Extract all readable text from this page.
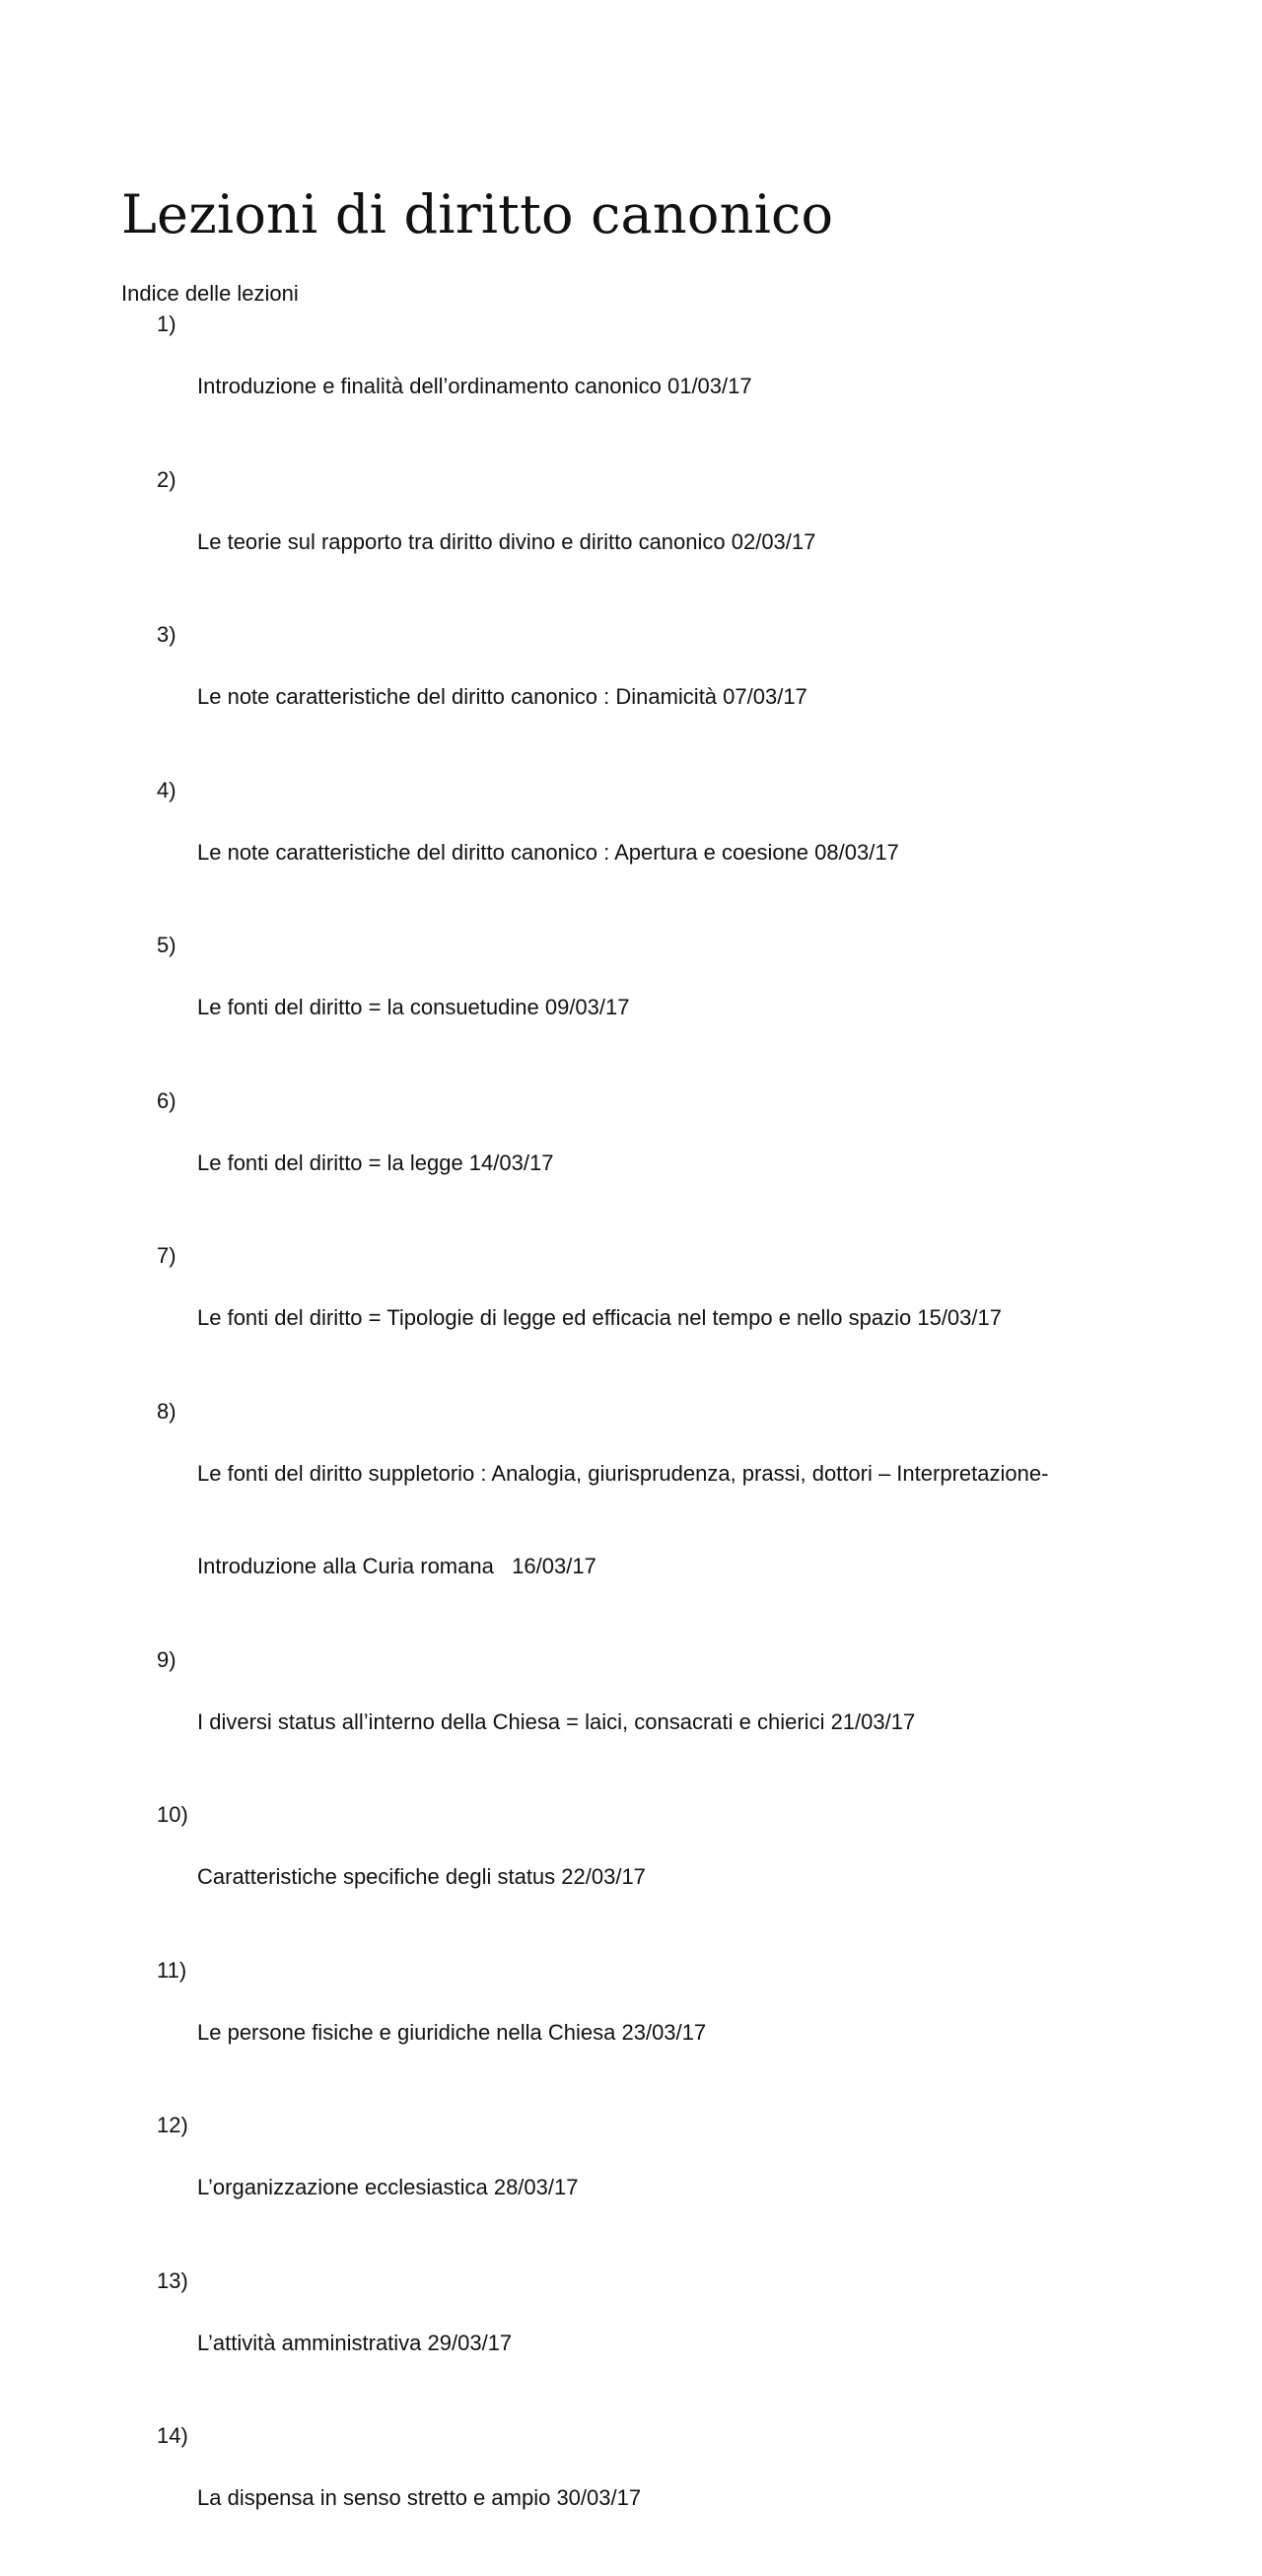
Lezioni di diritto canonico
Indice delle lezioni
1)

Introduzione e finalità dell’ordinamento canonico 01/03/17

2)

Le teorie sul rapporto tra diritto divino e diritto canonico 02/03/17

3)

Le note caratteristiche del diritto canonico : Dinamicità 07/03/17

4)

Le note caratteristiche del diritto canonico : Apertura e coesione 08/03/17

5)

Le fonti del diritto = la consuetudine 09/03/17

6)

Le fonti del diritto = la legge 14/03/17

7)

Le fonti del diritto = Tipologie di legge ed efficacia nel tempo e nello spazio 15/03/17

8)

Le fonti del diritto suppletorio : Analogia, giurisprudenza, prassi, dottori – Interpretazione-

Introduzione alla Curia romana   16/03/17

9)

I diversi status all’interno della Chiesa = laici, consacrati e chierici 21/03/17

10)

Caratteristiche specifiche degli status 22/03/17

11)

Le persone fisiche e giuridiche nella Chiesa 23/03/17

12)

L’organizzazione ecclesiastica 28/03/17

13)

L’attività amministrativa 29/03/17

14)

La dispensa in senso stretto e ampio 30/03/17
